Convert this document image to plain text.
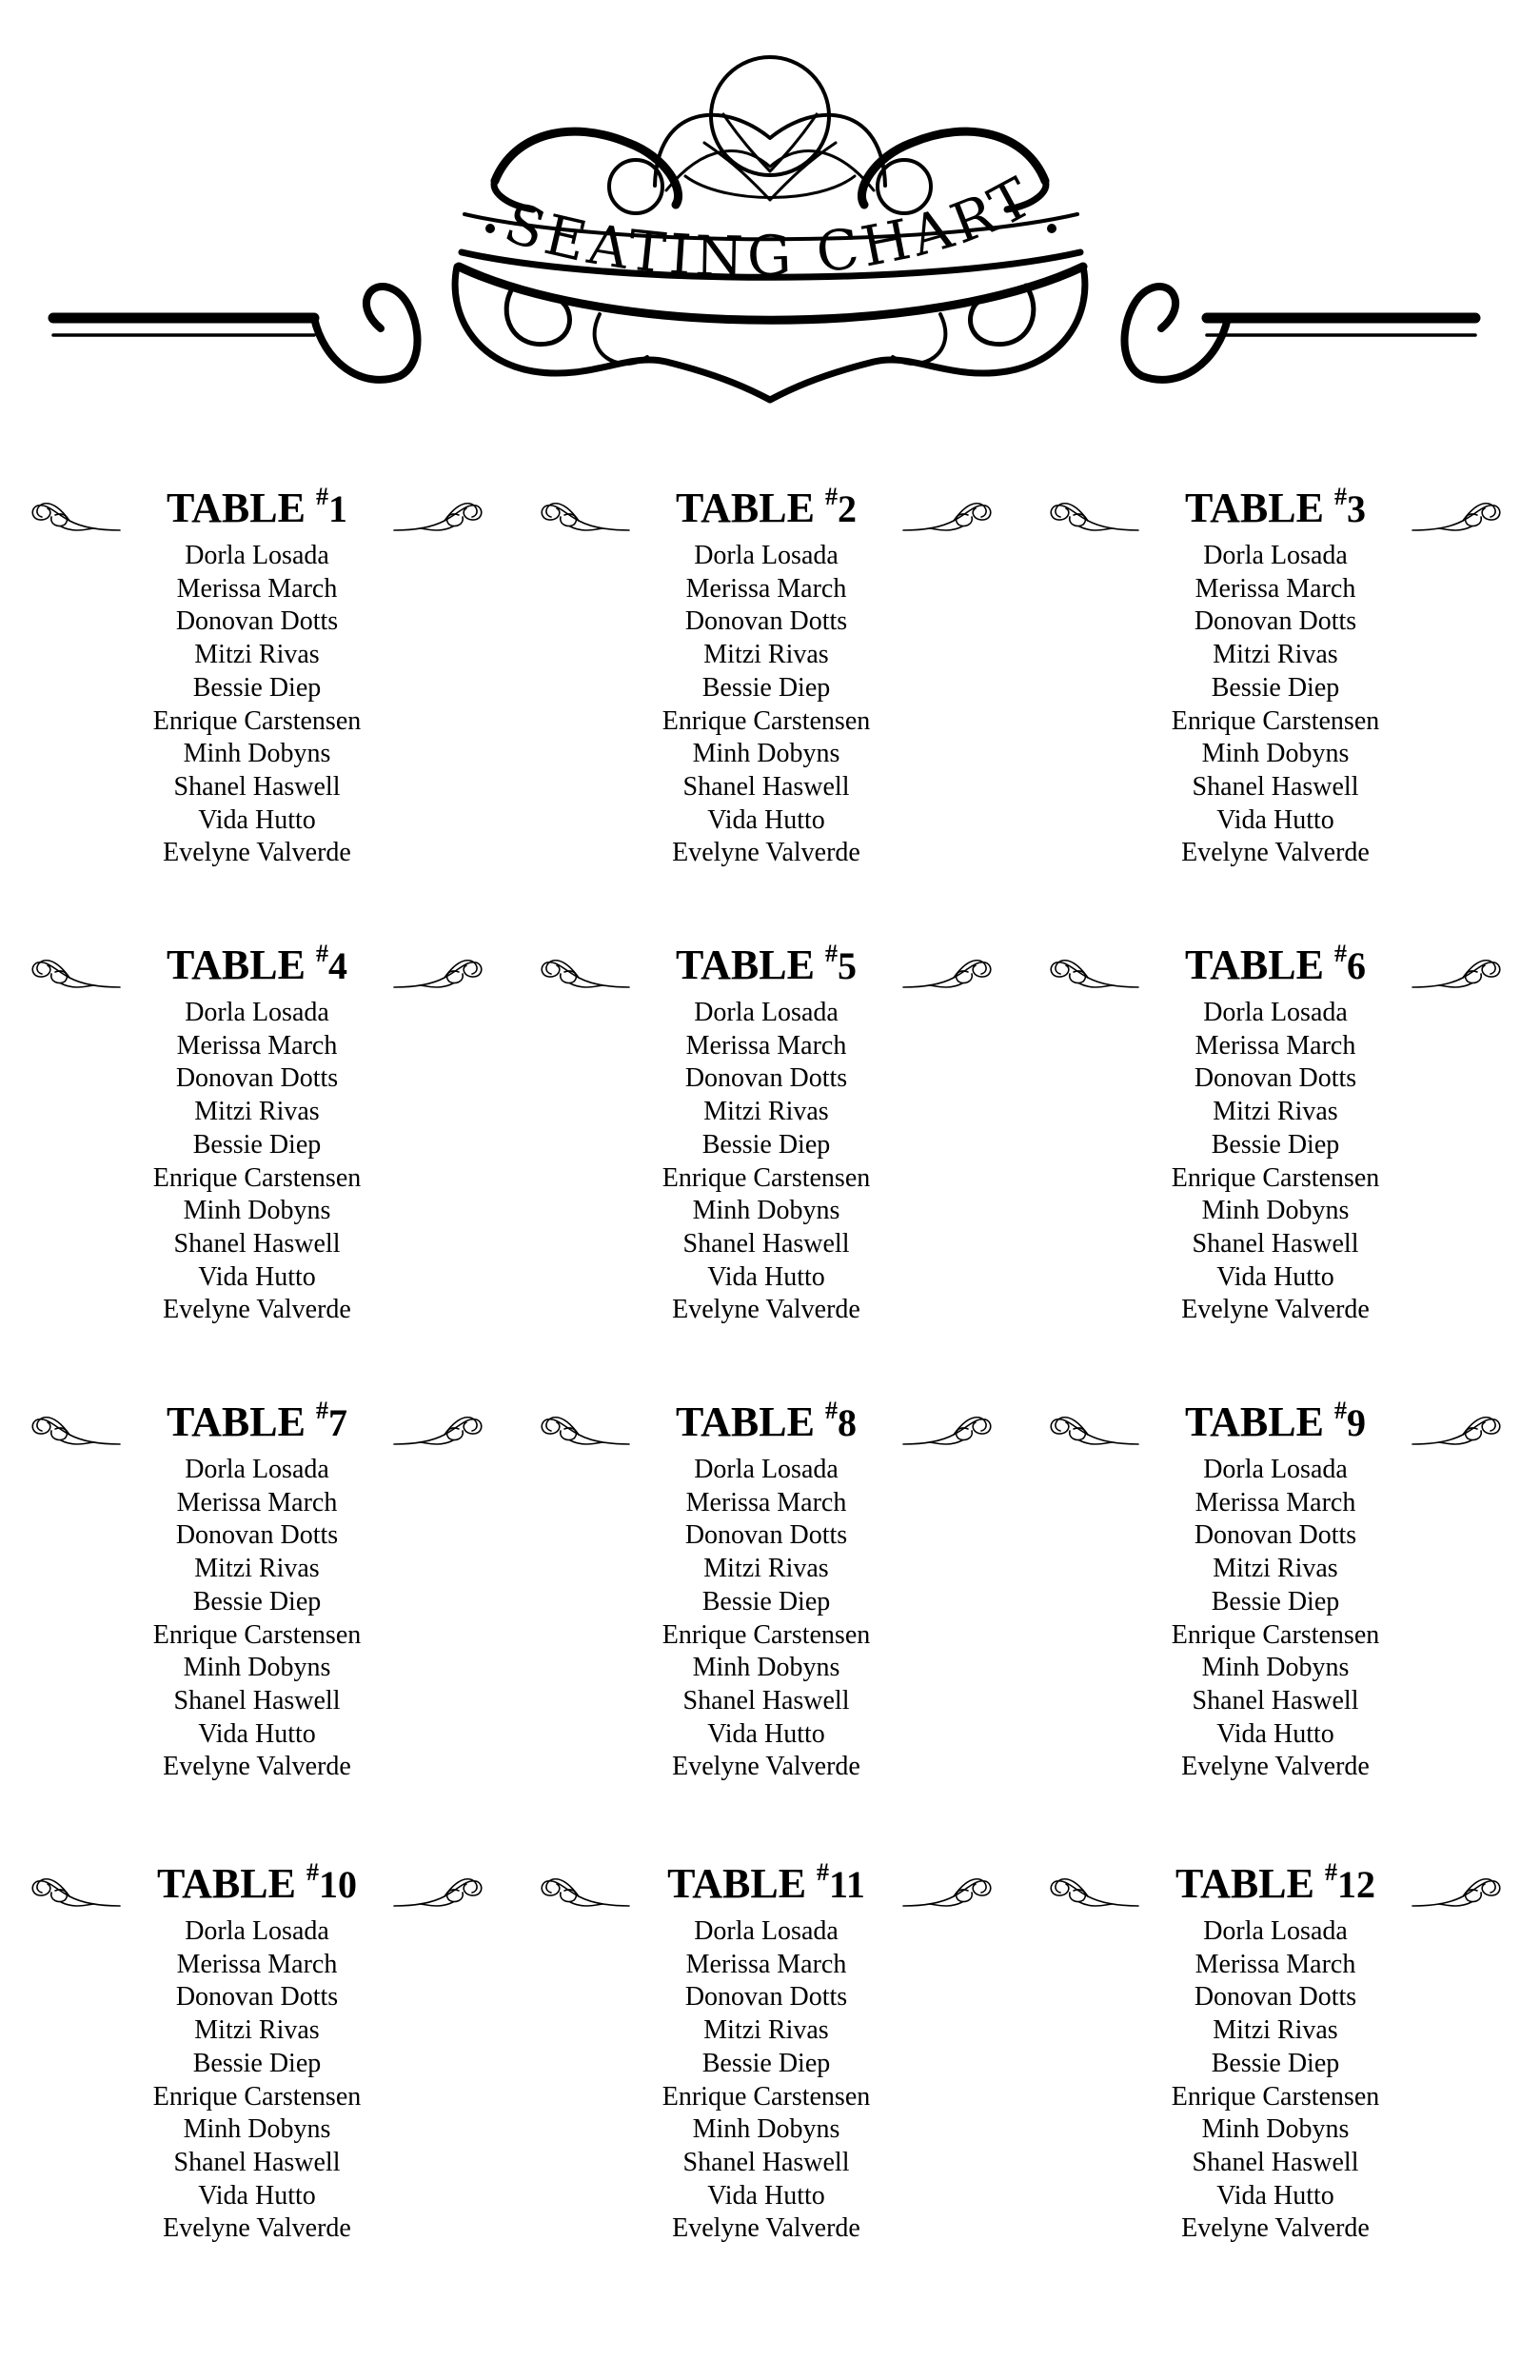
SEATING CHART
TABLE #1
Dorla Losada
Merissa March
Donovan Dotts
Mitzi Rivas
Bessie Diep
Enrique Carstensen
Minh Dobyns
Shanel Haswell
Vida Hutto
Evelyne Valverde
TABLE #2
Dorla Losada
Merissa March
Donovan Dotts
Mitzi Rivas
Bessie Diep
Enrique Carstensen
Minh Dobyns
Shanel Haswell
Vida Hutto
Evelyne Valverde
TABLE #3
Dorla Losada
Merissa March
Donovan Dotts
Mitzi Rivas
Bessie Diep
Enrique Carstensen
Minh Dobyns
Shanel Haswell
Vida Hutto
Evelyne Valverde
TABLE #4
Dorla Losada
Merissa March
Donovan Dotts
Mitzi Rivas
Bessie Diep
Enrique Carstensen
Minh Dobyns
Shanel Haswell
Vida Hutto
Evelyne Valverde
TABLE #5
Dorla Losada
Merissa March
Donovan Dotts
Mitzi Rivas
Bessie Diep
Enrique Carstensen
Minh Dobyns
Shanel Haswell
Vida Hutto
Evelyne Valverde
TABLE #6
Dorla Losada
Merissa March
Donovan Dotts
Mitzi Rivas
Bessie Diep
Enrique Carstensen
Minh Dobyns
Shanel Haswell
Vida Hutto
Evelyne Valverde
TABLE #7
Dorla Losada
Merissa March
Donovan Dotts
Mitzi Rivas
Bessie Diep
Enrique Carstensen
Minh Dobyns
Shanel Haswell
Vida Hutto
Evelyne Valverde
TABLE #8
Dorla Losada
Merissa March
Donovan Dotts
Mitzi Rivas
Bessie Diep
Enrique Carstensen
Minh Dobyns
Shanel Haswell
Vida Hutto
Evelyne Valverde
TABLE #9
Dorla Losada
Merissa March
Donovan Dotts
Mitzi Rivas
Bessie Diep
Enrique Carstensen
Minh Dobyns
Shanel Haswell
Vida Hutto
Evelyne Valverde
TABLE #10
Dorla Losada
Merissa March
Donovan Dotts
Mitzi Rivas
Bessie Diep
Enrique Carstensen
Minh Dobyns
Shanel Haswell
Vida Hutto
Evelyne Valverde
TABLE #11
Dorla Losada
Merissa March
Donovan Dotts
Mitzi Rivas
Bessie Diep
Enrique Carstensen
Minh Dobyns
Shanel Haswell
Vida Hutto
Evelyne Valverde
TABLE #12
Dorla Losada
Merissa March
Donovan Dotts
Mitzi Rivas
Bessie Diep
Enrique Carstensen
Minh Dobyns
Shanel Haswell
Vida Hutto
Evelyne Valverde
